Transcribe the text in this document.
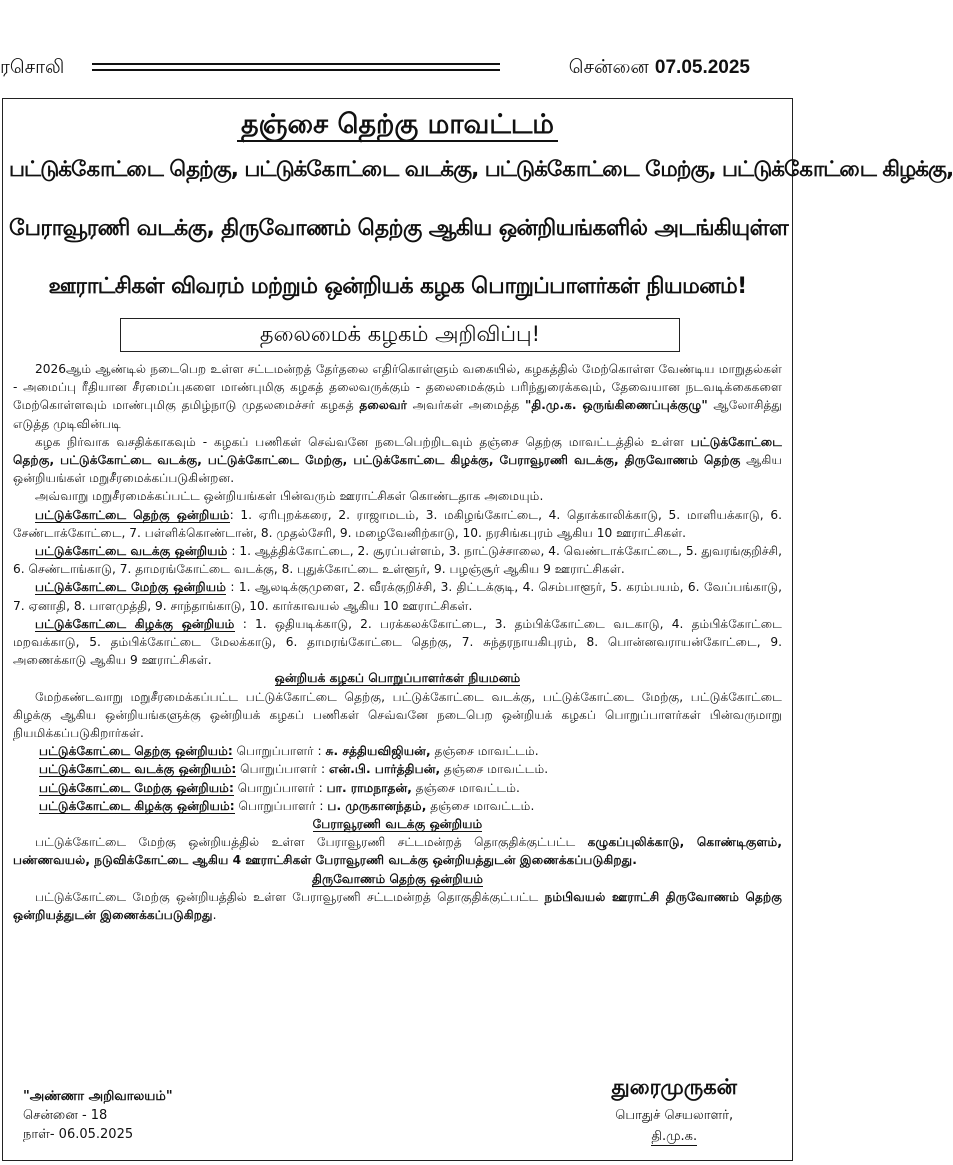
ரசொலி	சென்னை 07.05.2025
தஞ்சை தெற்கு மாவட்டம்
பட்டுக்கோட்டை தெற்கு, பட்டுக்கோட்டை வடக்கு, பட்டுக்கோட்டை மேற்கு, பட்டுக்கோட்டை கிழக்கு,
பேராவூரணி வடக்கு, திருவோணம் தெற்கு ஆகிய ஒன்றியங்களில் அடங்கியுள்ள
ஊராட்சிகள் விவரம் மற்றும் ஒன்றியக் கழக பொறுப்பாளர்கள் நியமனம்!
தலைமைக் கழகம் அறிவிப்பு!

2026ஆம் ஆண்டில் நடைபெற உள்ள சட்டமன்றத் தேர்தலை எதிர்கொள்ளும் வகையில், கழகத்தில் மேற்கொள்ள வேண்டிய மாறுதல்கள் - அமைப்பு ரீதியான சீரமைப்புகளை மாண்புமிகு கழகத் தலைவருக்கும் - தலைமைக்கும் பரிந்துரைக்கவும், தேவையான நடவடிக்கைகளை மேற்கொள்ளவும் மாண்புமிகு தமிழ்நாடு முதலமைச்சர் கழகத் தலைவர் அவர்கள் அமைத்த "தி.மு.க. ஒருங்கிணைப்புக்குழு" ஆலோசித்து எடுத்த முடிவின்படி

கழக நிர்வாக வசதிக்காகவும் - கழகப் பணிகள் செவ்வனே நடைபெற்றிடவும் தஞ்சை தெற்கு மாவட்டத்தில் உள்ள பட்டுக்கோட்டை தெற்கு, பட்டுக்கோட்டை வடக்கு, பட்டுக்கோட்டை மேற்கு, பட்டுக்கோட்டை கிழக்கு, பேராவூரணி வடக்கு, திருவோணம் தெற்கு ஆகிய ஒன்றியங்கள் மறுசீரமைக்கப்படுகின்றன.

அவ்வாறு மறுசீரமைக்கப்பட்ட ஒன்றியங்கள் பின்வரும் ஊராட்சிகள் கொண்டதாக அமையும்.

பட்டுக்கோட்டை தெற்கு ஒன்றியம்: 1. ஏரிபுறக்கரை, 2. ராஜாமடம், 3. மகிழங்கோட்டை, 4. தொக்காலிக்காடு, 5. மாளியக்காடு, 6. சேண்டாக்கோட்டை, 7. பள்ளிக்கொண்டான், 8. முதல்சேரி, 9. மழைவேனிற்காடு, 10. நரசிங்கபுரம் ஆகிய 10 ஊராட்சிகள்.

பட்டுக்கோட்டை வடக்கு ஒன்றியம் : 1. ஆத்திக்கோட்டை, 2. சூரப்பள்ளம், 3. நாட்டுச்சாலை, 4. வெண்டாக்கோட்டை, 5. துவரங்குறிச்சி, 6. செண்டாங்காடு, 7. தாமரங்கோட்டை வடக்கு, 8. புதுக்கோட்டை உள்ளூர், 9. பழஞ்சூர் ஆகிய 9 ஊராட்சிகள்.

பட்டுக்கோட்டை மேற்கு ஒன்றியம் : 1. ஆலடிக்குமுளை, 2. வீரக்குறிச்சி, 3. திட்டக்குடி, 4. செம்பாளூர், 5. கரம்பயம், 6. வேப்பங்காடு, 7. ஏனாதி, 8. பாளமுத்தி, 9. சாந்தாங்காடு, 10. கார்காவயல் ஆகிய 10 ஊராட்சிகள்.

பட்டுக்கோட்டை கிழக்கு ஒன்றியம் : 1. ஒதியடிக்காடு, 2. பரக்கலக்கோட்டை, 3. தம்பிக்கோட்டை வடகாடு, 4. தம்பிக்கோட்டை மறவக்காடு, 5. தம்பிக்கோட்டை மேலக்காடு, 6. தாமரங்கோட்டை தெற்கு, 7. சுந்தரநாயகிபுரம், 8. பொன்னவராயன்கோட்டை, 9. அணைக்காடு ஆகிய 9 ஊராட்சிகள்.

ஒன்றியக் கழகப் பொறுப்பாளர்கள் நியமனம்

மேற்கண்டவாறு மறுசீரமைக்கப்பட்ட பட்டுக்கோட்டை தெற்கு, பட்டுக்கோட்டை வடக்கு, பட்டுக்கோட்டை மேற்கு, பட்டுக்கோட்டை கிழக்கு ஆகிய ஒன்றியங்களுக்கு ஒன்றியக் கழகப் பணிகள் செவ்வனே நடைபெற ஒன்றியக் கழகப் பொறுப்பாளர்கள் பின்வருமாறு நியமிக்கப்படுகிறார்கள்.

பட்டுக்கோட்டை தெற்கு ஒன்றியம்: பொறுப்பாளர் : சு. சத்தியவிஜியன், தஞ்சை மாவட்டம்.

பட்டுக்கோட்டை வடக்கு ஒன்றியம்: பொறுப்பாளர் : என்.பி. பார்த்திபன், தஞ்சை மாவட்டம்.

பட்டுக்கோட்டை மேற்கு ஒன்றியம்: பொறுப்பாளர் : பா. ராமநாதன், தஞ்சை மாவட்டம்.

பட்டுக்கோட்டை கிழக்கு ஒன்றியம்: பொறுப்பாளர் : ப. முருகானந்தம், தஞ்சை மாவட்டம்.

பேராவூரணி வடக்கு ஒன்றியம்

பட்டுக்கோட்டை மேற்கு ஒன்றியத்தில் உள்ள பேராவூரணி சட்டமன்றத் தொகுதிக்குட்பட்ட கழுகப்புலிக்காடு, கொண்டிகுளம், பண்ணவயல், நடுவிக்கோட்டை ஆகிய 4 ஊராட்சிகள் பேராவூரணி வடக்கு ஒன்றியத்துடன் இணைக்கப்படுகிறது.

திருவோணம் தெற்கு ஒன்றியம்

பட்டுக்கோட்டை மேற்கு ஒன்றியத்தில் உள்ள பேராவூரணி சட்டமன்றத் தொகுதிக்குட்பட்ட நம்பிவயல் ஊராட்சி திருவோணம் தெற்கு ஒன்றியத்துடன் இணைக்கப்படுகிறது.

"அண்ணா அறிவாலயம்"
சென்னை - 18
நாள்- 06.05.2025
துரைமுருகன்
பொதுச் செயலாளர்,
தி.மு.க.
